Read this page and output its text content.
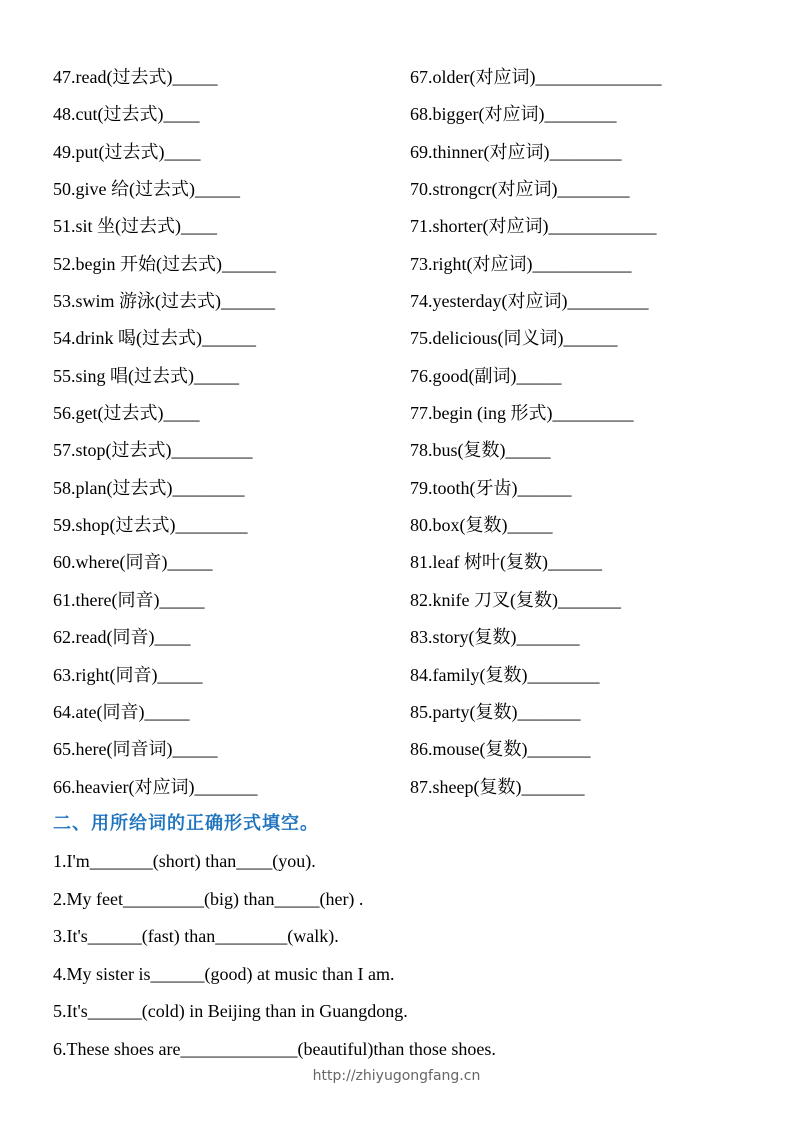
47.read(过去式)_____
48.cut(过去式)____
49.put(过去式)____
50.give 给(过去式)_____
51.sit 坐(过去式)____
52.begin 开始(过去式)______
53.swim 游泳(过去式)______
54.drink 喝(过去式)______
55.sing 唱(过去式)_____
56.get(过去式)____
57.stop(过去式)_________
58.plan(过去式)________
59.shop(过去式)________
60.where(同音)_____
61.there(同音)_____
62.read(同音)____
63.right(同音)_____
64.ate(同音)_____
65.here(同音词)_____
66.heavier(对应词)_______
67.older(对应词)______________
68.bigger(对应词)________
69.thinner(对应词)________
70.strongcr(对应词)________
71.shorter(对应词)____________
73.right(对应词)___________
74.yesterday(对应词)_________
75.delicious(同义词)______
76.good(副词)_____
77.begin (ing 形式)_________
78.bus(复数)_____
79.tooth(牙齿)______
80.box(复数)_____
81.leaf 树叶(复数)______
82.knife 刀叉(复数)_______
83.story(复数)_______
84.family(复数)________
85.party(复数)_______
86.mouse(复数)_______
87.sheep(复数)_______
二、用所给词的正确形式填空。
1.I'm_______(short) than____(you).
2.My feet_________(big) than_____(her) .
3.It's______(fast) than________(walk).
4.My sister is______(good) at music than I am.
5.It's______(cold) in Beijing than in Guangdong.
6.These shoes are_____________(beautiful)than those shoes.
http://zhiyugongfang.cn
